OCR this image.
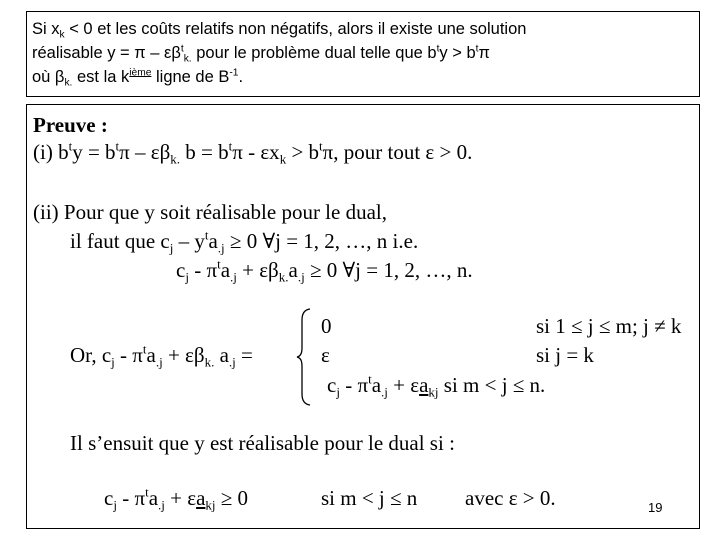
Si $x_k < 0$ et les coûts relatifs non négatifs, alors il existe une solution
réalisable $y = \pi - \varepsilon\beta^t_{k.}$ pour le problème dual telle que $b^ty > b^t\pi$
où $\beta_{k.}$ est la $k^{ième}$ ligne de $B^{-1}$.
Preuve :
(i) $b^ty = b^t\pi - \varepsilon\beta_{k.}$ $b = b^t\pi - \varepsilon x_k > b^t\pi$, pour tout ε > 0.
(ii) Pour que y soit réalisable pour le dual,
il faut que $c_j - y^ta_{.j} \ge 0$ ∀j = 1, 2, …, n i.e.
$c_j - \pi^ta_{.j} + \varepsilon\beta_{k.}a_{.j} \ge 0$ ∀j = 1, 2, …, n.
Or, $c_j - \pi^ta_{.j} + \varepsilon\beta_{k.}$ $a_{.j}$ =
0	si 1 ≤ j ≤ m; j ≠ k
ε	si j = k
$c_j - \pi^ta_{.j} + \varepsilon a_{kj}$ si m < j ≤ n.
Il s’ensuit que y est réalisable pour le dual si :
$c_j - \pi^ta_{.j} + \varepsilon a_{kj} \ge 0$	si m < j ≤ n avec ε > 0.	19
